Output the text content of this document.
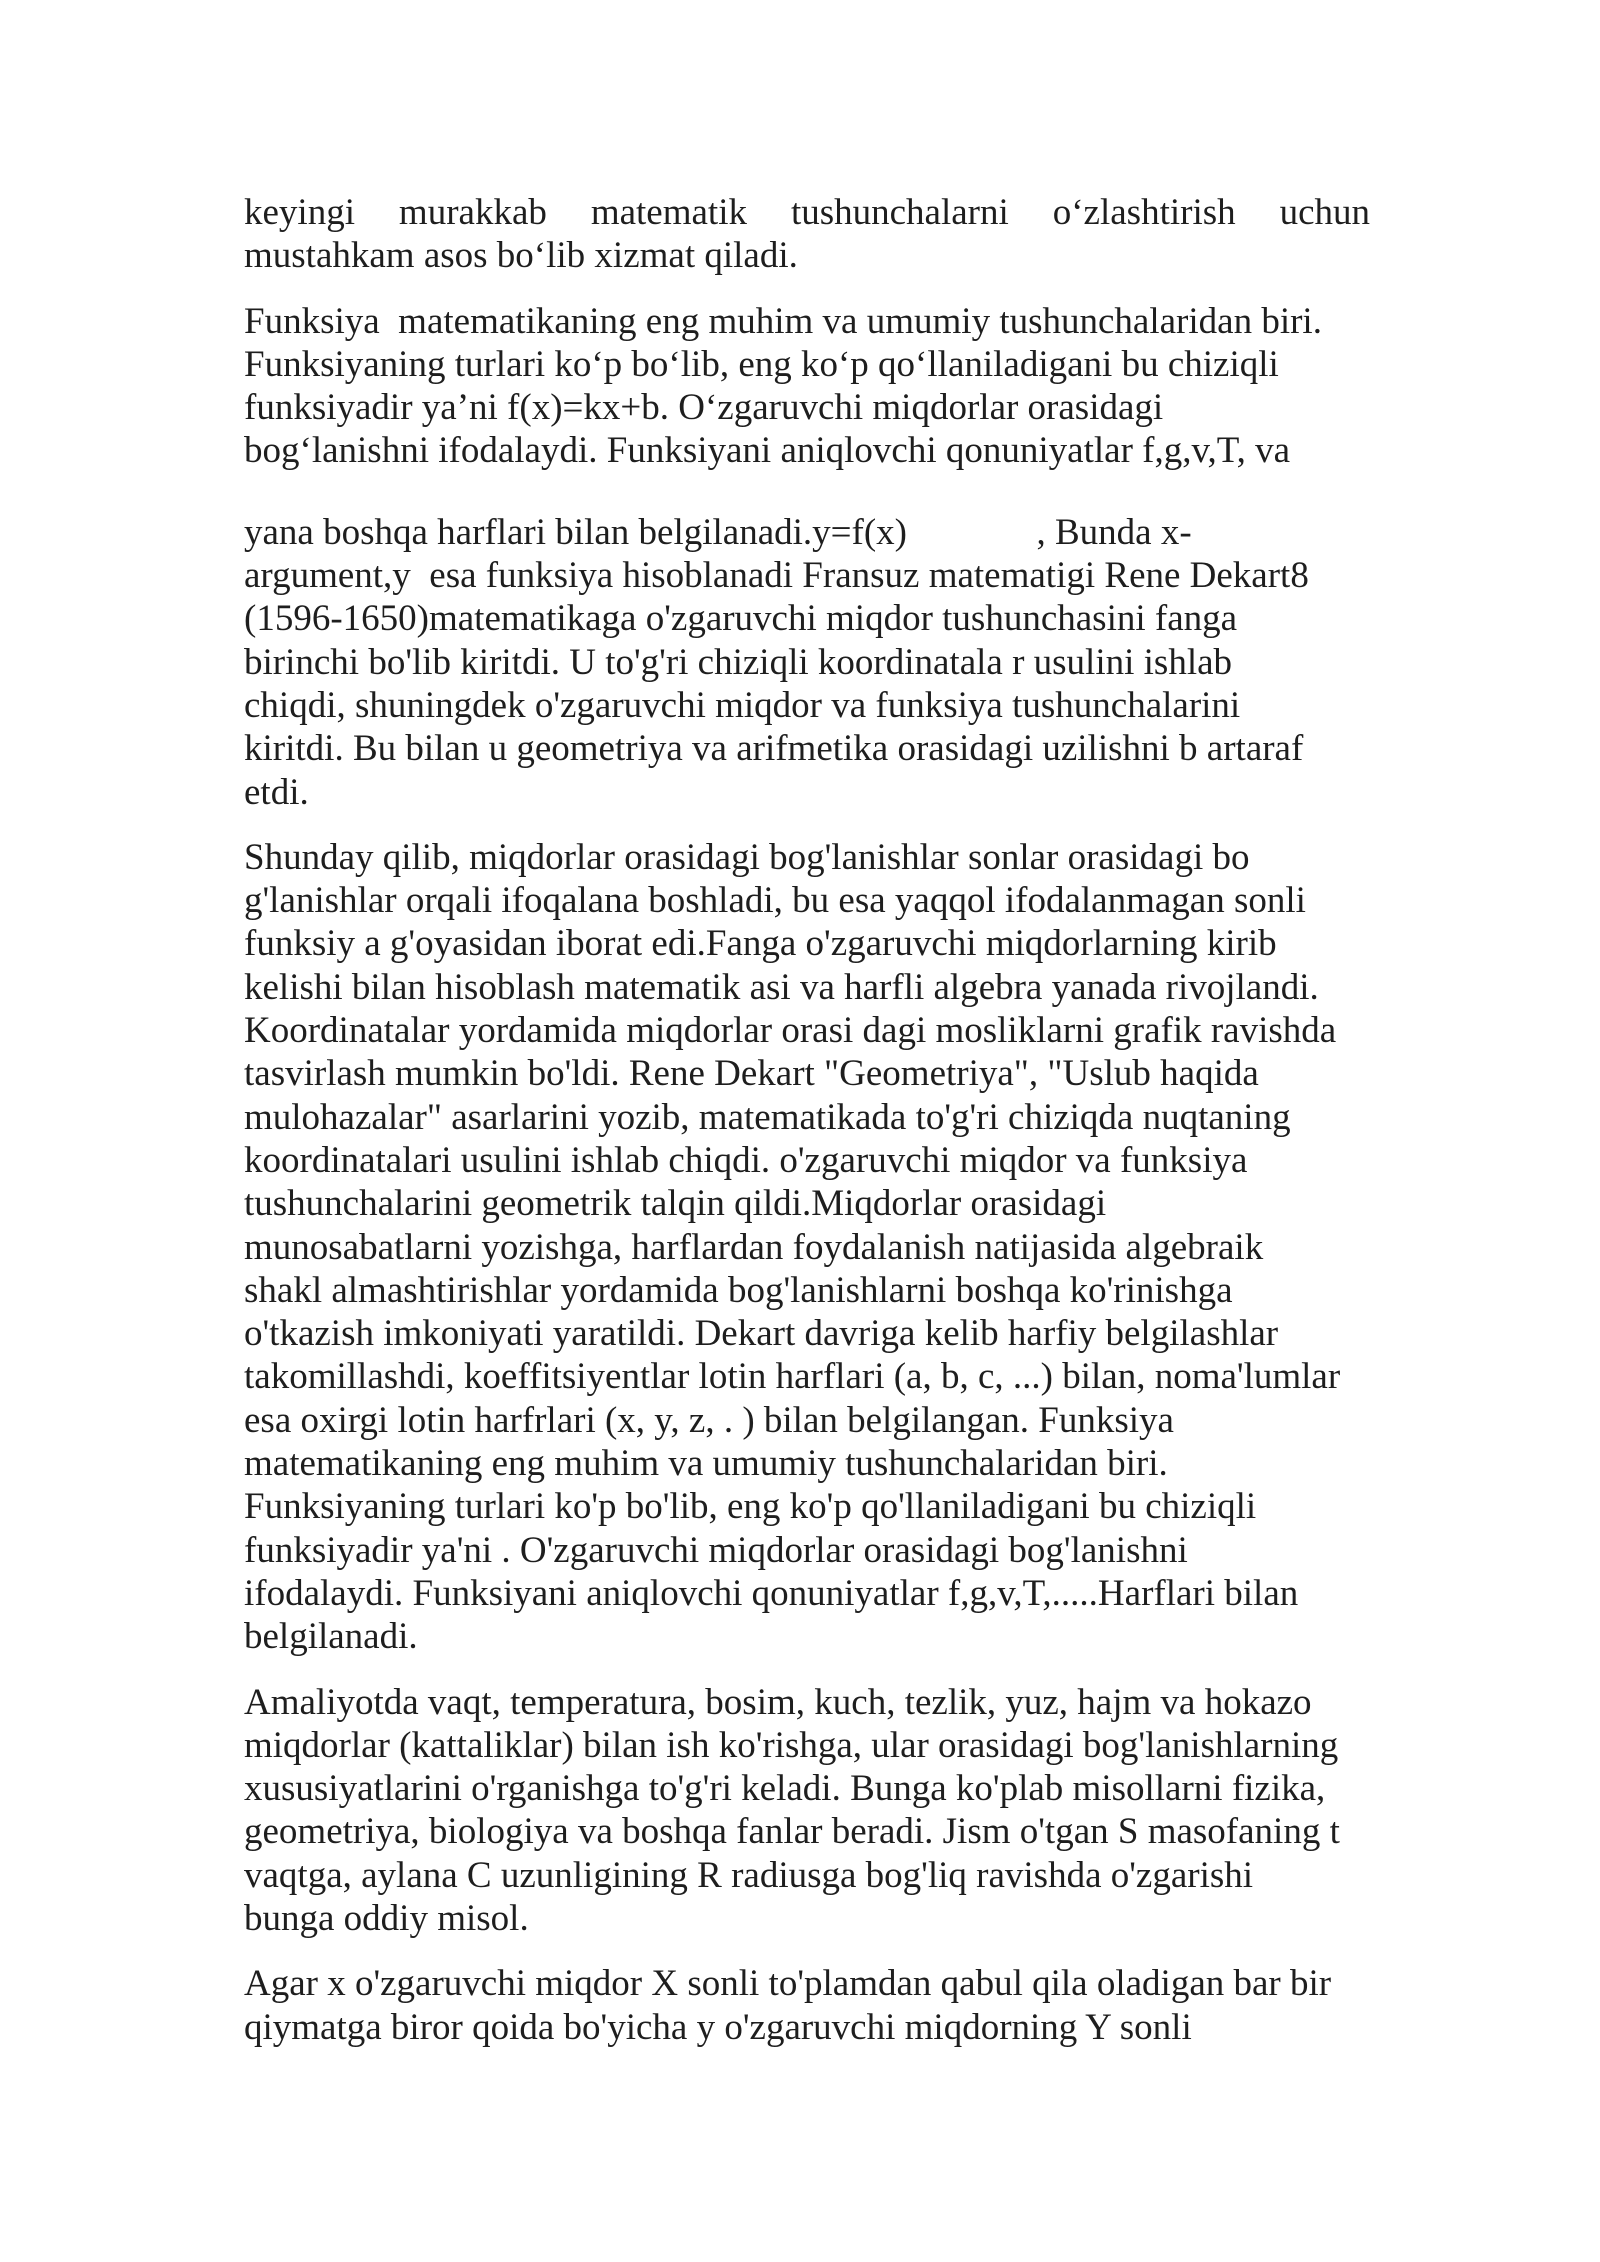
keyingi murakkab matematik tushunchalarni o‘zlashtirish uchun
mustahkam asos bo‘lib xizmat qiladi.

Funksiya  matematikaning eng muhim va umumiy tushunchalaridan biri.
Funksiyaning turlari ko‘p bo‘lib, eng ko‘p qo‘llaniladigani bu chiziqli
funksiyadir ya’ni f(x)=kx+b. O‘zgaruvchi miqdorlar orasidagi
bog‘lanishni ifodalaydi. Funksiyani aniqlovchi qonuniyatlar f,g,v,T, va

yana boshqa harflari bilan belgilanadi.y=f(x)              , Bunda x-
argument,y  esa funksiya hisoblanadi Fransuz matematigi Rene Dekart8
(1596-1650)matematikaga o'zgaruvchi miqdor tushunchasini fanga
birinchi bo'lib kiritdi. U to'g'ri chiziqli koordinatala r usulini ishlab
chiqdi, shuningdek o'zgaruvchi miqdor va funksiya tushunchalarini
kiritdi. Bu bilan u geometriya va arifmetika orasidagi uzilishni b artaraf
etdi.

Shunday qilib, miqdorlar orasidagi bog'lanishlar sonlar orasidagi bo
g'lanishlar orqali ifoqalana boshladi, bu esa yaqqol ifodalanmagan sonli
funksiy a g'oyasidan iborat edi.Fanga o'zgaruvchi miqdorlarning kirib
kelishi bilan hisoblash matematik asi va harfli algebra yanada rivojlandi.
Koordinatalar yordamida miqdorlar orasi dagi mosliklarni grafik ravishda
tasvirlash mumkin bo'ldi. Rene Dekart "Geometriya", "Uslub haqida
mulohazalar" asarlarini yozib, matematikada to'g'ri chiziqda nuqtaning
koordinatalari usulini ishlab chiqdi. o'zgaruvchi miqdor va funksiya
tushunchalarini geometrik talqin qildi.Miqdorlar orasidagi
munosabatlarni yozishga, harflardan foydalanish natijasida algebraik
shakl almashtirishlar yordamida bog'lanishlarni boshqa ko'rinishga
o'tkazish imkoniyati yaratildi. Dekart davriga kelib harfiy belgilashlar
takomillashdi, koeffitsiyentlar lotin harflari (a, b, c, ...) bilan, noma'lumlar
esa oxirgi lotin harfrlari (x, y, z, . ) bilan belgilangan. Funksiya
matematikaning eng muhim va umumiy tushunchalaridan biri.
Funksiyaning turlari ko'p bo'lib, eng ko'p qo'llaniladigani bu chiziqli
funksiyadir ya'ni . O'zgaruvchi miqdorlar orasidagi bog'lanishni
ifodalaydi. Funksiyani aniqlovchi qonuniyatlar f,g,v,T,.....Harflari bilan
belgilanadi.

Amaliyotda vaqt, temperatura, bosim, kuch, tezlik, yuz, hajm va hokazo
miqdorlar (kattaliklar) bilan ish ko'rishga, ular orasidagi bog'lanishlarning
xususiyatlarini o'rganishga to'g'ri keladi. Bunga ko'plab misollarni fizika,
geometriya, biologiya va boshqa fanlar beradi. Jism o'tgan S masofaning t
vaqtga, aylana C uzunligining R radiusga bog'liq ravishda o'zgarishi
bunga oddiy misol.

Agar x o'zgaruvchi miqdor X sonli to'plamdan qabul qila oladigan bar bir
qiymatga biror qoida bo'yicha y o'zgaruvchi miqdorning Y sonli
